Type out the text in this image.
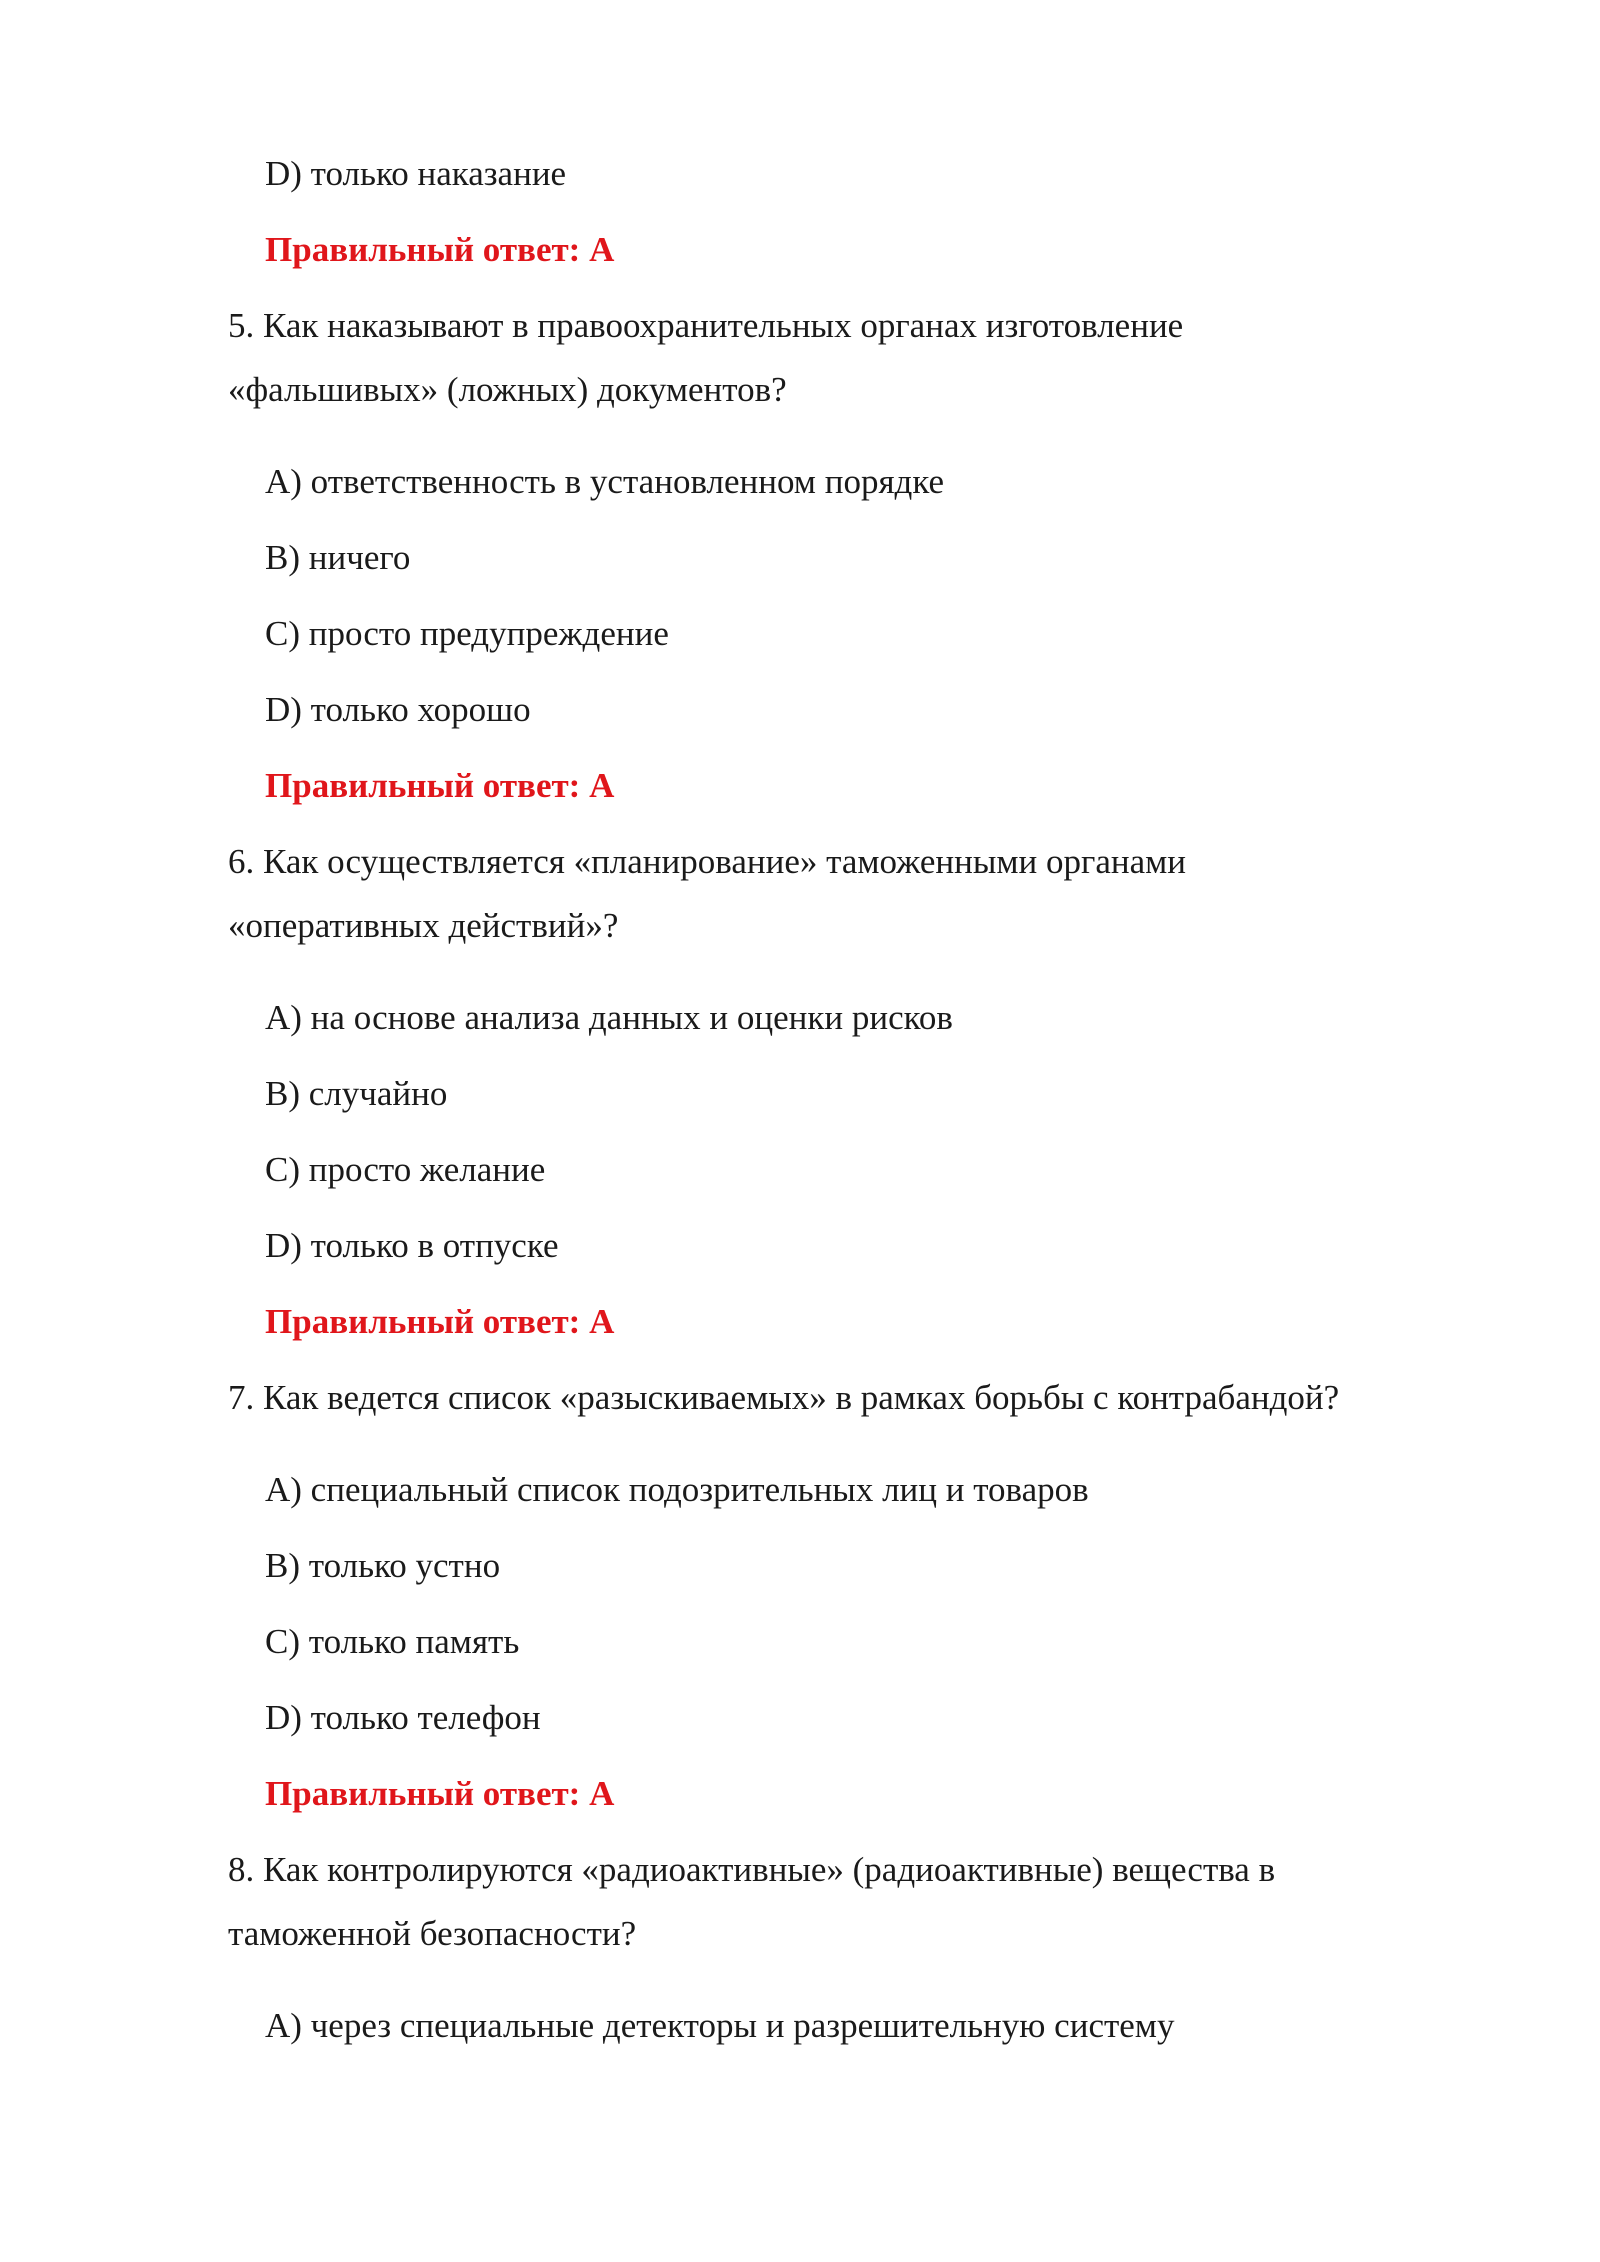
D) только наказание

Правильный ответ: A

5. Как наказывают в правоохранительных органах изготовление

«фальшивых» (ложных) документов?

A) ответственность в установленном порядке

B) ничего

C) просто предупреждение

D) только хорошо

Правильный ответ: A

6. Как осуществляется «планирование» таможенными органами

«оперативных действий»?

A) на основе анализа данных и оценки рисков

B) случайно

C) просто желание

D) только в отпуске

Правильный ответ: A

7. Как ведется список «разыскиваемых» в рамках борьбы с контрабандой?

A) специальный список подозрительных лиц и товаров

B) только устно

C) только память

D) только телефон

Правильный ответ: A

8. Как контролируются «радиоактивные» (радиоактивные) вещества в

таможенной безопасности?

A) через специальные детекторы и разрешительную систему
